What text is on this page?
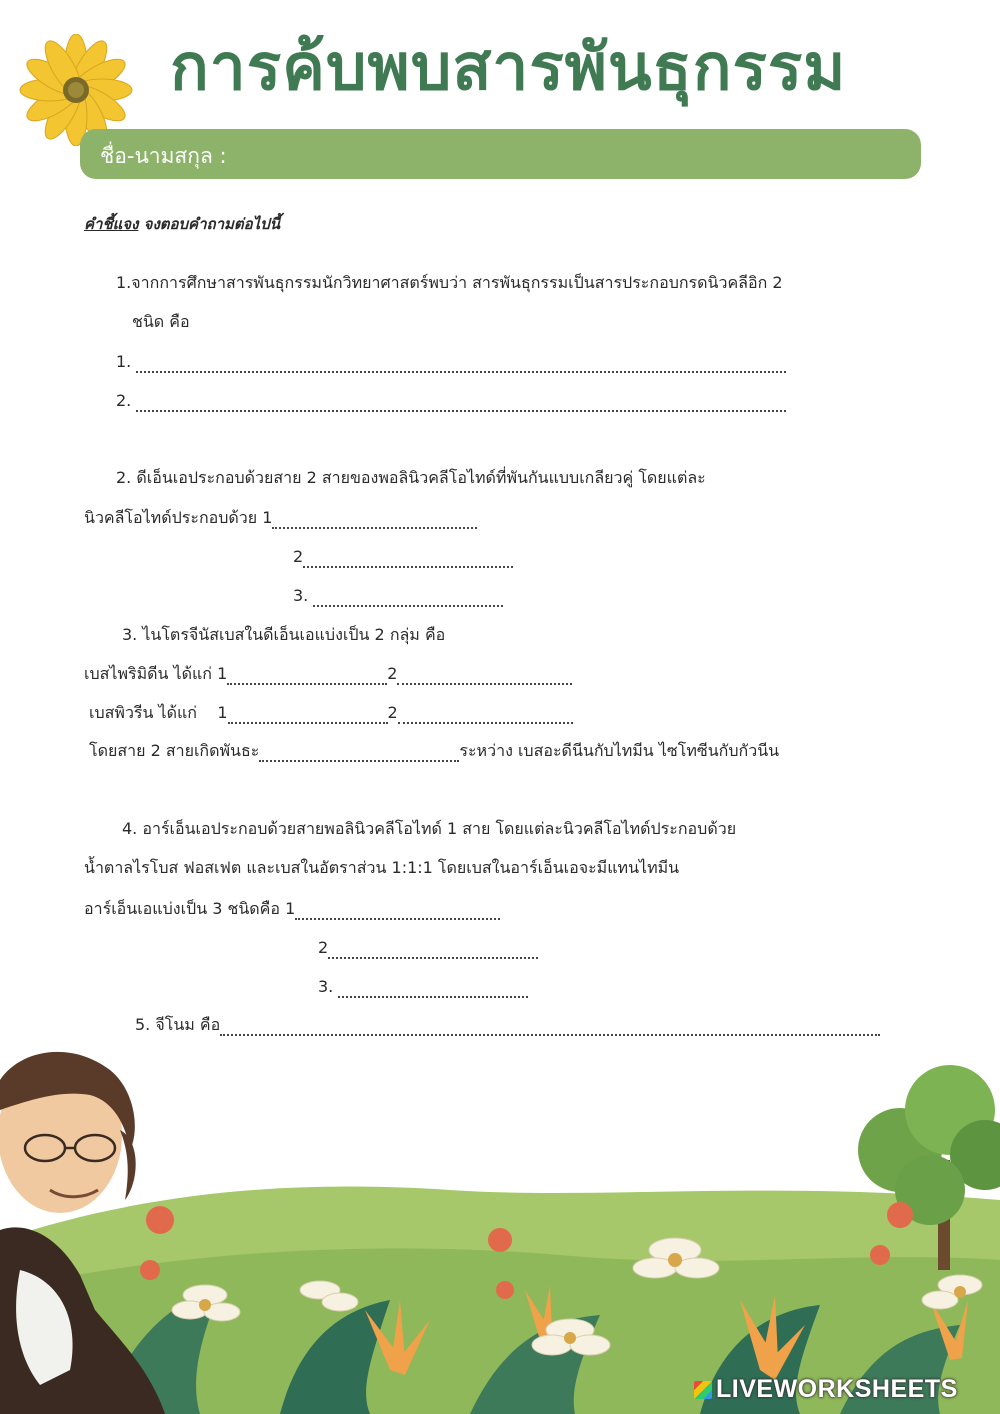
การค้บพบสารพันธุกรรม
ชื่อ-นามสกุล :
คำชี้แจง จงตอบคำถามต่อไปนี้
1.จากการศึกษาสารพันธุกรรมนักวิทยาศาสตร์พบว่า สารพันธุกรรมเป็นสารประกอบกรดนิวคลีอิก 2
ชนิด คือ
1.
2.
2. ดีเอ็นเอประกอบด้วยสาย 2 สายของพอลินิวคลีโอไทด์ที่พันกันแบบเกลียวคู่ โดยแต่ละ
นิวคลีโอไทด์ประกอบด้วย 1
2
3.
3. ไนโตรจีนัสเบสในดีเอ็นเอแบ่งเป็น 2 กลุ่ม คือ
เบสไพริมิดีน ได้แก่ 1	2
เบสพิวรีน ได้แก่ 1	2
โดยสาย 2 สายเกิดพันธะ	ระหว่าง เบสอะดีนีนกับไทมีน ไซโทซีนกับกัวนีน
4. อาร์เอ็นเอประกอบด้วยสายพอลินิวคลีโอไทด์ 1 สาย โดยแต่ละนิวคลีโอไทด์ประกอบด้วย
น้ำตาลไรโบส ฟอสเฟต และเบสในอัตราส่วน 1:1:1 โดยเบสในอาร์เอ็นเอจะมีแทนไทมีน
อาร์เอ็นเอแบ่งเป็น 3 ชนิดคือ 1
2
3.
5. จีโนม คือ
LIVEWORKSHEETS
